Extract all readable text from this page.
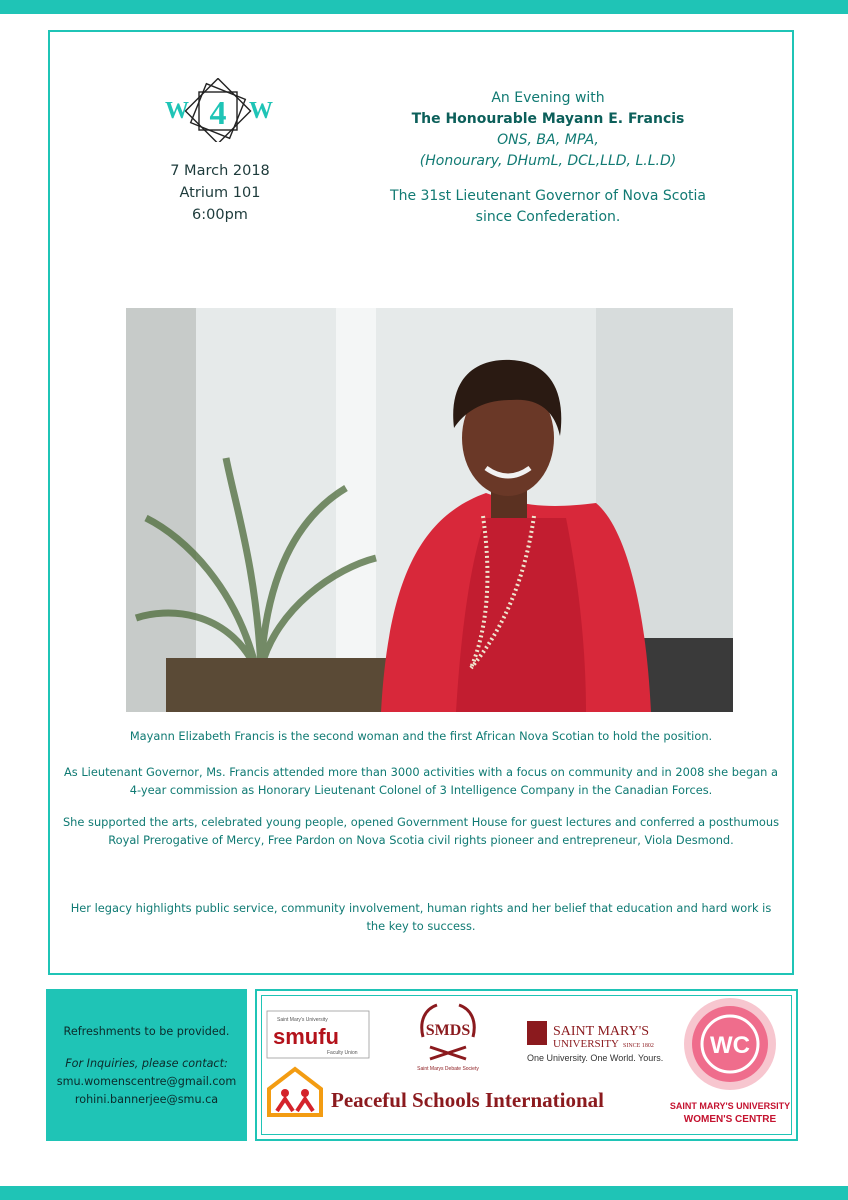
W 4 W
7 March 2018
Atrium 101
6:00pm
An Evening with
The Honourable Mayann E. Francis
ONS, BA, MPA,
(Honourary, DHumL, DCL,LLD, L.L.D)
The 31st Lieutenant Governor of Nova Scotia
since Confederation.
Mayann Elizabeth Francis is the second woman and the first African Nova Scotian to hold the position.
As Lieutenant Governor, Ms. Francis attended more than 3000 activities with a focus on community and in 2008 she began a 4-year commission as Honorary Lieutenant Colonel of 3 Intelligence Company in the Canadian Forces.
She supported the arts, celebrated young people, opened Government House for guest lectures and conferred a posthumous Royal Prerogative of Mercy, Free Pardon on Nova Scotia civil rights pioneer and entrepreneur, Viola Desmond.
Her legacy highlights public service, community involvement, human rights and her belief that education and hard work is the key to success.
Refreshments to be provided.
For Inquiries, please contact:
smu.womenscentre@gmail.com
rohini.bannerjee@smu.ca
Saint Mary's University
smufu
Faculty Union
SMDS
Saint Marys Debate Society
SAINT MARY'S
UNIVERSITY SINCE 1802
One University. One World. Yours.
Peaceful Schools International
WC
SAINT MARY'S UNIVERSITY
WOMEN'S CENTRE
